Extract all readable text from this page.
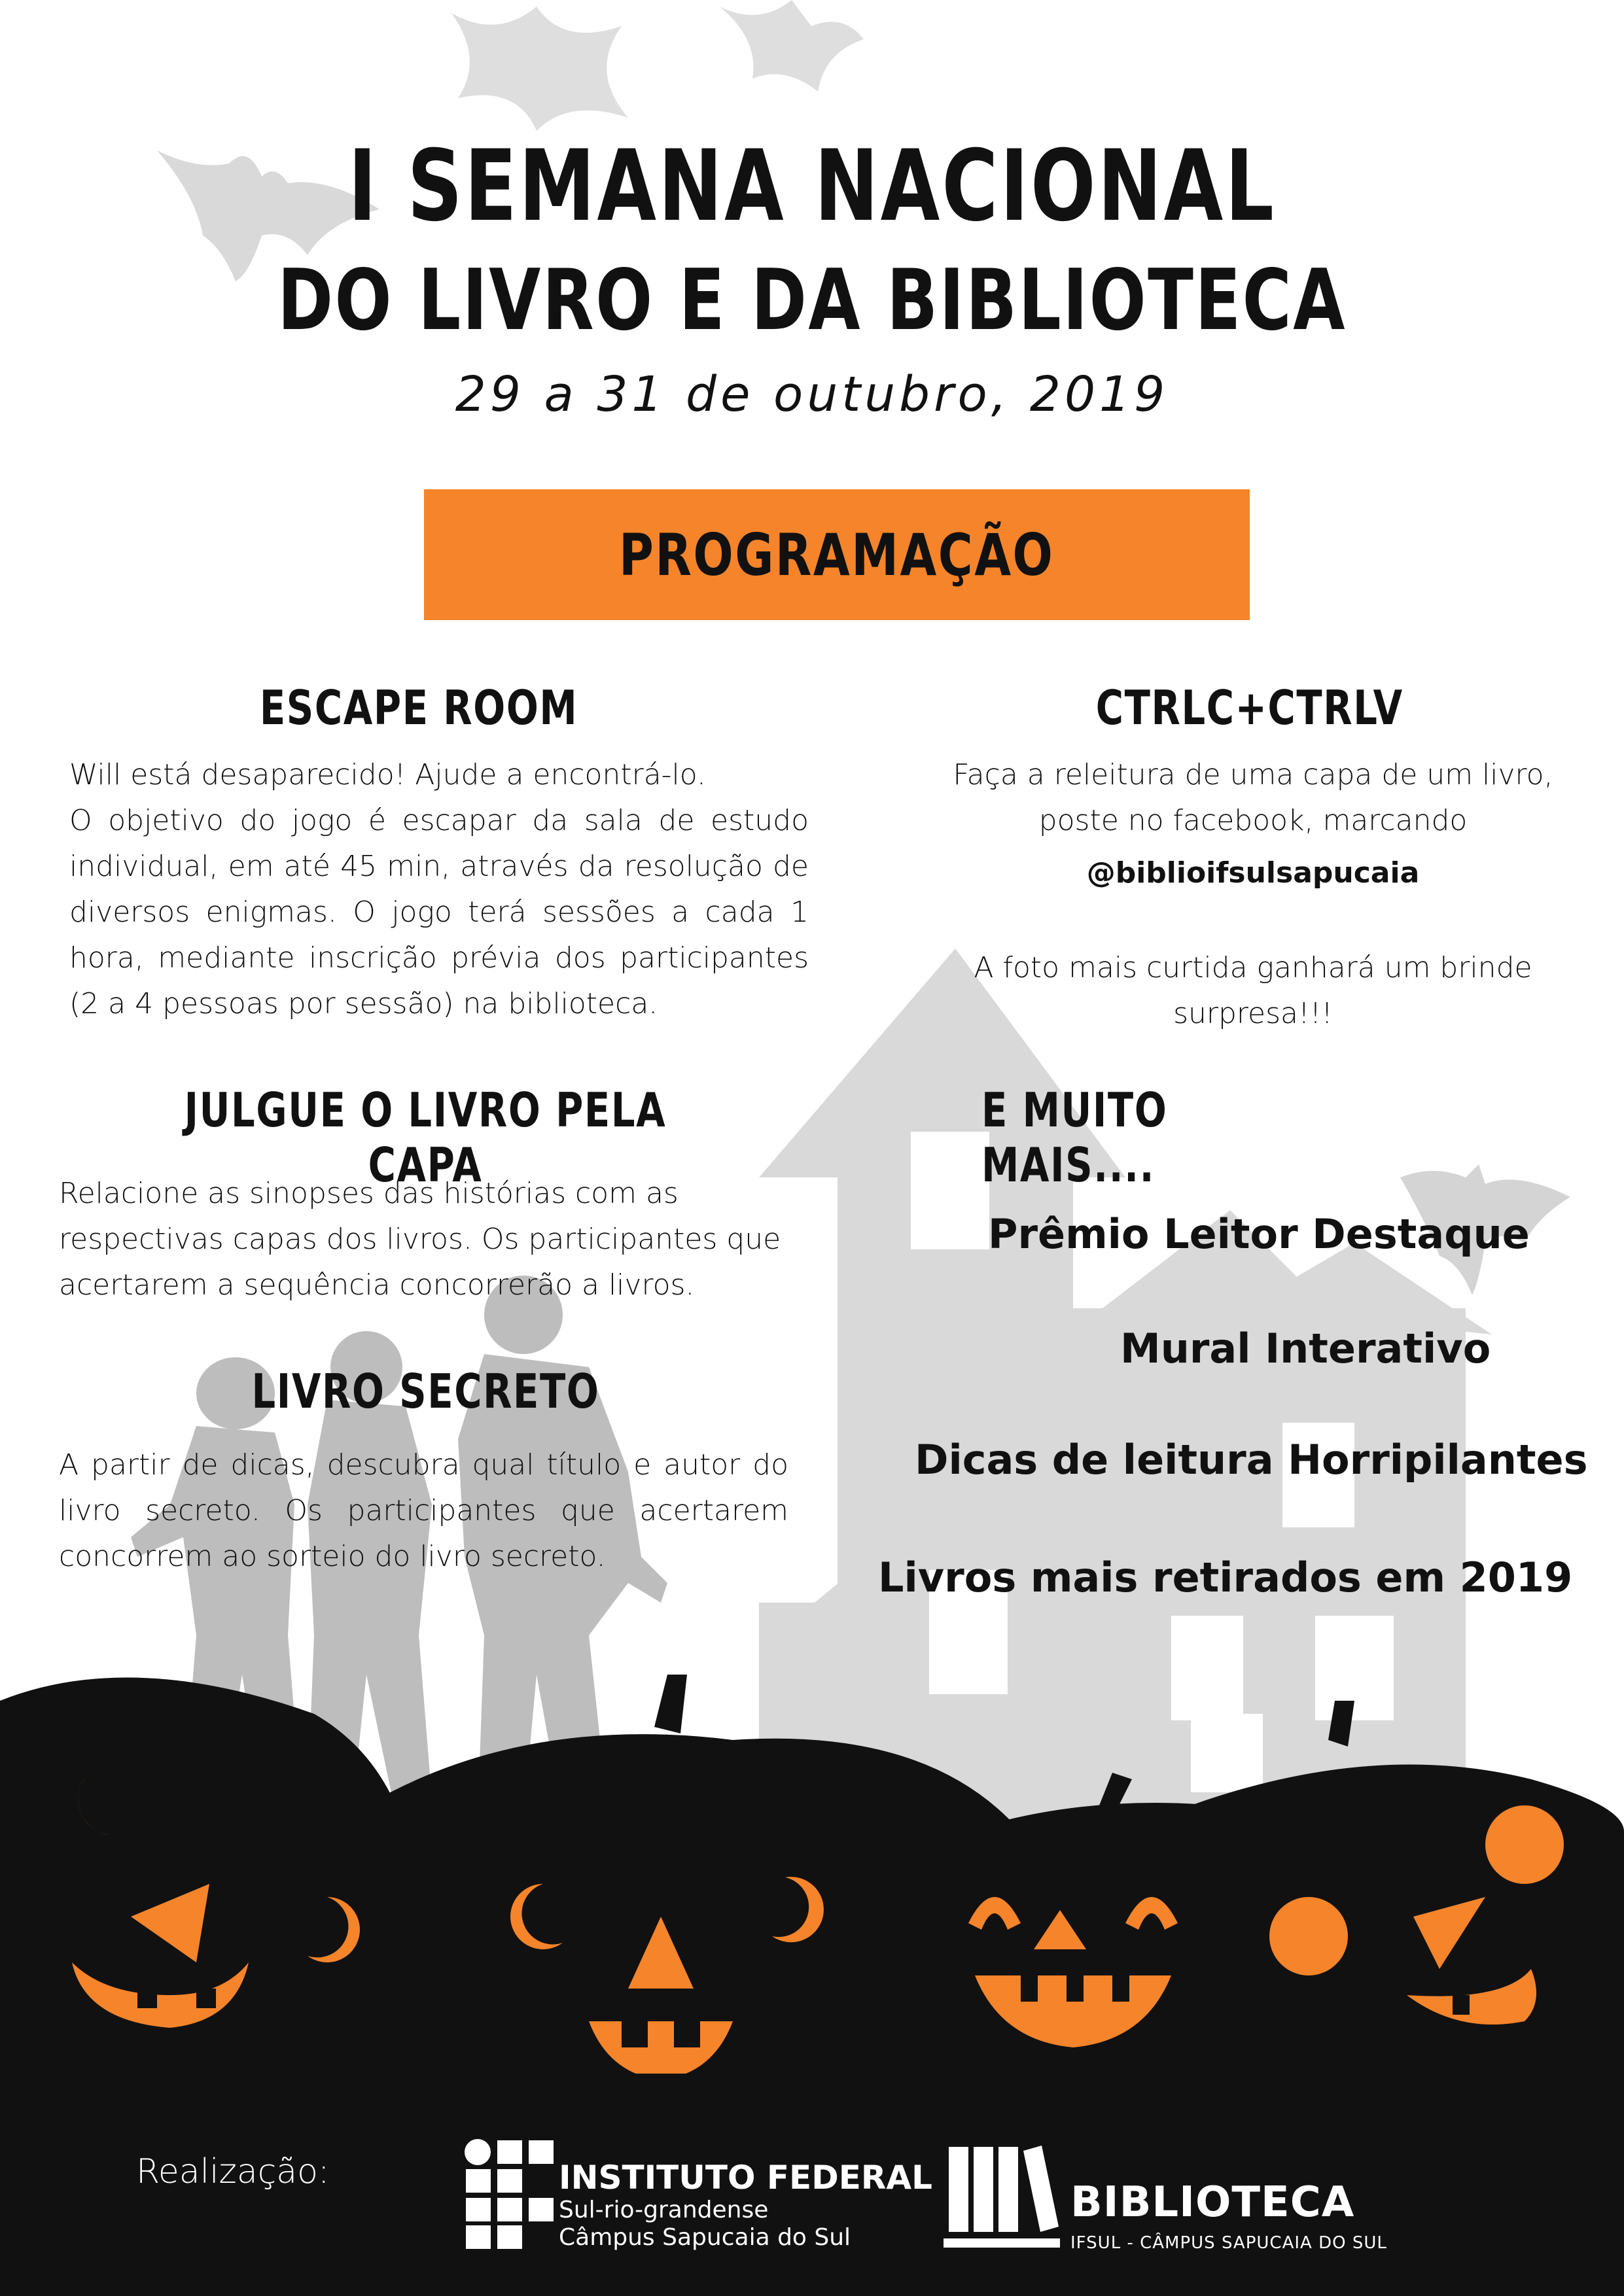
I SEMANA NACIONAL
DO LIVRO E DA BIBLIOTECA
29 a 31 de outubro, 2019
PROGRAMAÇÃO
ESCAPE ROOM
Will está desaparecido! Ajude a encontrá-lo.
O objetivo do jogo é escapar da sala de estudo individual, em até 45 min, através da resolução de diversos enigmas. O jogo terá sessões a cada 1 hora, mediante inscrição prévia dos participantes (2 a 4 pessoas por sessão) na biblioteca.
CTRLC+CTRLV
Faça a releitura de uma capa de um livro, poste no facebook, marcando
@biblioifsulsapucaia
A foto mais curtida ganhará um brinde surpresa!!!
JULGUE O LIVRO PELA CAPA
Relacione as sinopses das histórias com as respectivas capas dos livros. Os participantes que acertarem a sequência concorrerão a livros.
LIVRO SECRETO
A partir de dicas, descubra qual título e autor do livro secreto. Os participantes que acertarem concorrem ao sorteio do livro secreto.
E MUITO MAIS....
Prêmio Leitor Destaque
Mural Interativo
Dicas de leitura Horripilantes
Livros mais retirados em 2019
Realização:	INSTITUTO FEDERAL
Sul-rio-grandense
Câmpus Sapucaia do Sul
BIBLIOTECA
IFSUL - CÂMPUS SAPUCAIA DO SUL
